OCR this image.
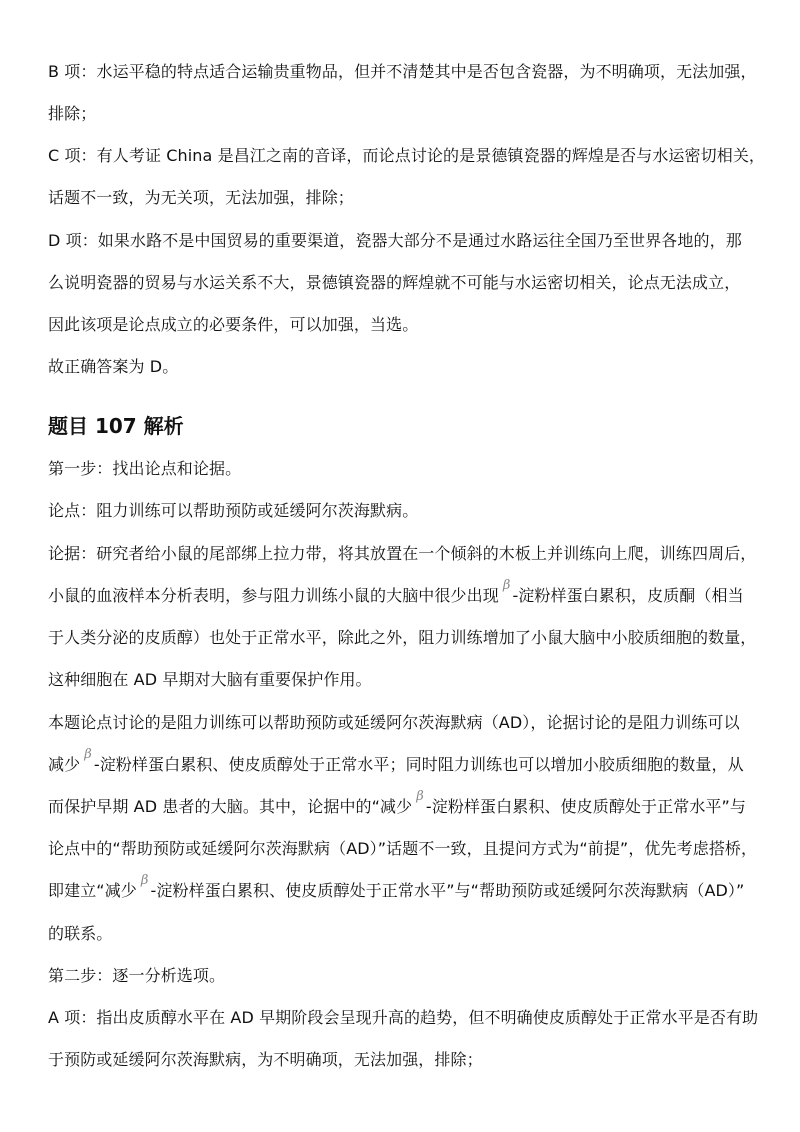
B 项：水运平稳的特点适合运输贵重物品，但并不清楚其中是否包含瓷器，为不明确项，无法加强，
排除；
C 项：有人考证 China 是昌江之南的音译，而论点讨论的是景德镇瓷器的辉煌是否与水运密切相关，
话题不一致，为无关项，无法加强，排除；
D 项：如果水路不是中国贸易的重要渠道，瓷器大部分不是通过水路运往全国乃至世界各地的，那
么说明瓷器的贸易与水运关系不大，景德镇瓷器的辉煌就不可能与水运密切相关，论点无法成立，
因此该项是论点成立的必要条件，可以加强，当选。
故正确答案为 D。
题目 107 解析
第一步：找出论点和论据。
论点：阻力训练可以帮助预防或延缓阿尔茨海默病。
论据：研究者给小鼠的尾部绑上拉力带，将其放置在一个倾斜的木板上并训练向上爬，训练四周后，
小鼠的血液样本分析表明，参与阻力训练小鼠的大脑中很少出现β-淀粉样蛋白累积，皮质酮（相当
于人类分泌的皮质醇）也处于正常水平，除此之外，阻力训练增加了小鼠大脑中小胶质细胞的数量，
这种细胞在 AD 早期对大脑有重要保护作用。
本题论点讨论的是阻力训练可以帮助预防或延缓阿尔茨海默病（AD），论据讨论的是阻力训练可以
减少β-淀粉样蛋白累积、使皮质醇处于正常水平；同时阻力训练也可以增加小胶质细胞的数量，从
而保护早期 AD 患者的大脑。其中，论据中的“减少β-淀粉样蛋白累积、使皮质醇处于正常水平”与
论点中的“帮助预防或延缓阿尔茨海默病（AD）”话题不一致，且提问方式为“前提”，优先考虑搭桥，
即建立“减少β-淀粉样蛋白累积、使皮质醇处于正常水平”与“帮助预防或延缓阿尔茨海默病（AD）”
的联系。
第二步：逐一分析选项。
A 项：指出皮质醇水平在 AD 早期阶段会呈现升高的趋势，但不明确使皮质醇处于正常水平是否有助
于预防或延缓阿尔茨海默病，为不明确项，无法加强，排除；
